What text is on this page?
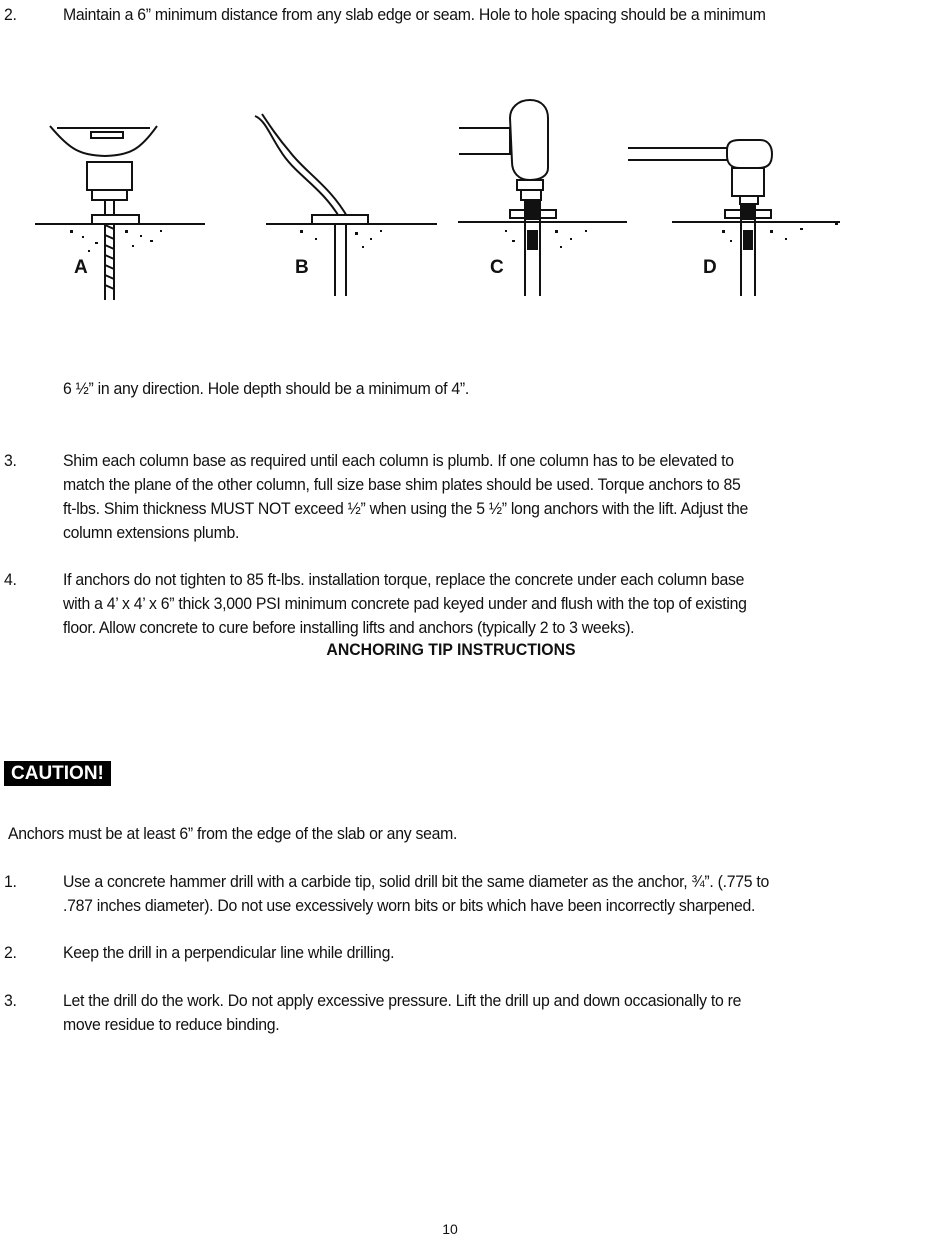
2.	Maintain a 6” minimum distance from any slab edge or seam. Hole to hole spacing should be a minimum
A	B	C	D
6 ½” in any direction. Hole depth should be a minimum of 4”.
3.	Shim each column base as required until each column is plumb. If one column has to be elevated to
match the plane of the other column, full size base shim plates should be used. Torque anchors to 85
ft-lbs. Shim thickness MUST NOT exceed ½” when using the 5 ½” long anchors with the lift. Adjust the
column extensions plumb.
4.	If anchors do not tighten to 85 ft-lbs. installation torque, replace the concrete under each column base
with a 4’ x 4’ x 6” thick 3,000 PSI minimum concrete pad keyed under and flush with the top of existing
floor. Allow concrete to cure before installing lifts and anchors (typically 2 to 3 weeks).
ANCHORING TIP INSTRUCTIONS
CAUTION!
Anchors must be at least 6” from the edge of the slab or any seam.
1.	Use a concrete hammer drill with a carbide tip, solid drill bit the same diameter as the anchor, ¾”. (.775 to
.787 inches diameter). Do not use excessively worn bits or bits which have been incorrectly sharpened.
2.	Keep the drill in a perpendicular line while drilling.
3.	Let the drill do the work. Do not apply excessive pressure. Lift the drill up and down occasionally to re
move residue to reduce binding.
10
